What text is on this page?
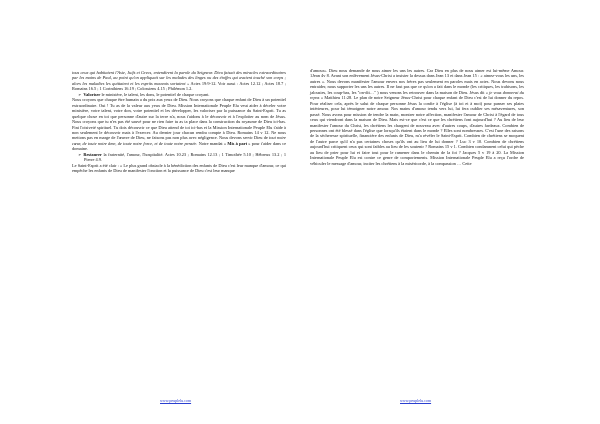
tous ceux qui habitaient l'Asie, Juifs et Grecs, entendirent la parole du Seigneur. Dieu faisait des miracles extraordinaires par les mains de Paul, au point qu'on appliquait sur les malades des linges ou des étoffes qui avaient touché son corps ; alors les maladies les quittaient et les esprits mauvais sortaient » Actes 19:9-12. Voir aussi : Actes 12.12 ; Actes 18.7 ; Romains 16.5 ; 1 Corinthiens 16.19 ; Colossiens 4.15 ; Philémon 1.2.

➢ Valoriser le ministère, le talent, les dons, le potentiel de chaque croyant.

Nous croyons que chaque être humain a du prix aux yeux de Dieu. Nous croyons que chaque enfant de Dieu à un potentiel extraordinaire. Oui ! Tu as de la valeur aux yeux de Dieu. Mission Internationale Peuple Elu veut aider à déceler votre ministère, votre talent, votre don, votre potentiel et les développer, les valoriser par la puissance du Saint-Esprit. Tu as quelque chose en toi que personne d'autre sur la terre n'a, nous t'aidons à le découvrir et à l'exploiter au nom de Jésus. Nous croyons que tu n'es pas été sauvé pour ne rien faire tu as ta place dans la construction du royaume de Dieu ici-bas. Fini l'oisiveté spirituel. Tu dois découvrir ce que Dieu attend de toi ici-bas et la Mission Internationale Peuple Elu t'aide à non seulement le découvrir mais à l'exercer. Au dernier jour chacun rendra compte à Dieu. Romains 14 v 12. Ne nous mettons pas en marge de l'œuvre de Dieu, ne faisons pas non plus avec négligence. Nous devons servir Dieu de tout notre cœur, de toute notre âme, de toute notre force, et de toute notre pensée. Notre mandat « Mis à part » pour t'aider dans ce domaine.

➢ Restaurer la fraternité, l'amour, l'hospitalité. Actes 10.23 ; Romains 12.13 ; 1 Timothée 5.10 ; Hébreux 13.2 ; 1 Pierre 4.9.

Le Saint-Esprit a été clair : « Le plus grand obstacle à la bénédiction des enfants de Dieu c'est leur manque d'amour, ce qui empêche les enfants de Dieu de manifester l'onction et la puissance de Dieu c'est leur manque

d'amour». Dieu nous demande de nous aimer les uns les autres. Car Dieu en plus de nous aimer est lui-même Amour. 1Jean 4v 8. Avant son enlèvement Jésus-Christ a insister la dessus dans Jean 13 et dans Jean 15 : « aimez-vous les uns, les autres ». Nous devons manifester l'amour envers nos frères pas seulement en paroles mais en actes. Nous devons nous entraider, nous supporter les uns les autres. Il ne faut pas que ce qu'on a fait dans le monde (les critiques, les trahisons, les jalousies, les coup-bas, les "on-dit…" ) nous venons les retrouver dans la maison de Dieu. Jésus dit « je vous donnerai du repos » Matthieu 11:28. Le plan de notre Seigneur Jésus-Christ pour chaque enfant de Dieu c'est de lui donner du repos. Pour réaliser cela, après le salut de chaque personne Jésus la confie à l'église (à toi et à moi) pour panser ses plaies intérieures, pour lui témoigner notre amour. Nos mains d'amour tendu vers lui, lui fera oublier ses mésaventures, son passé. Nous avons pour mission de tendre la main, montrer notre affection, manifester l'amour de Christ à l'égard de tous ceux qui viendront dans la maison de Dieu. Mais est-ce que c'est ce que les chrétiens font aujourd'hui ? Au lieu de leur manifester l'amour du Christ, les chrétiens les chargent de nouveau avec d'autres coups, d'autres fardeaux. Combien de personnes ont été blessé dans l'église que lorsqu'ils étaient dans le monde ? Elles sont nombreuses. C'est l'une des raisons de la sécheresse spirituelle, financière des enfants de Dieu, m'a révéler le Saint-Esprit. Combien de chrétiens se moquent de l'autre parce qu'il n'a pas certaines choses qu'ils ont au lieu de lui donner ? Luc 3 v 10. Combien de chrétiens aujourd'hui critiquent ceux qui sont faibles au lieu de les soutenir ? Romains 15 v 1. Combien condamnent celui qui pèche au lieu de prier pour lui et faire tout pour le ramener dans le chemin de la foi ? Jacques 5 v 19 à 20. La Mission Internationale Peuple Elu est contre ce genre de comportements. Mission Internationale Peuple Elu a reçu l'ordre de véhiculer le message d'amour, inciter les chrétiens à la miséricorde, à la compassion … Cette

www.peuplelu.com	www.peuplelu.com
